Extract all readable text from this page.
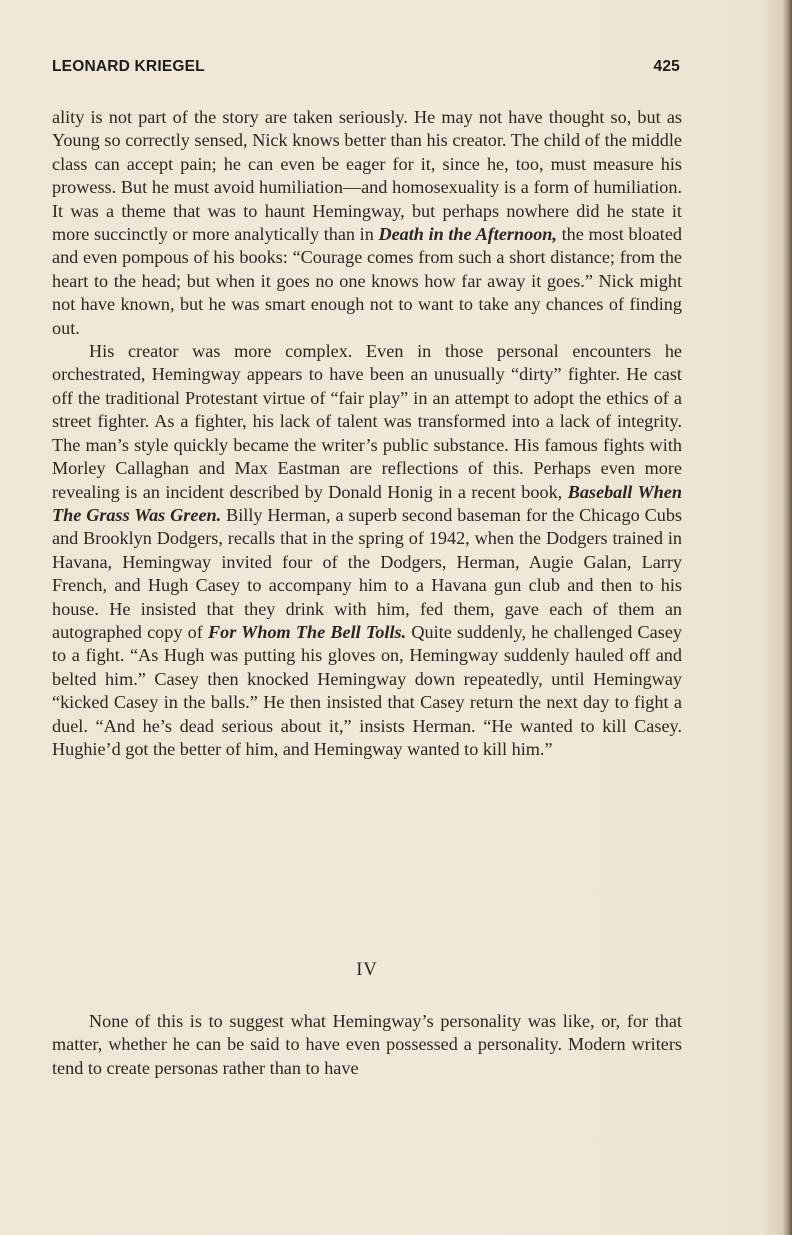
LEONARD KRIEGEL	425

ality is not part of the story are taken seriously. He may not have thought so, but as Young so correctly sensed, Nick knows better than his creator. The child of the middle class can accept pain; he can even be eager for it, since he, too, must measure his prowess. But he must avoid humiliation—and homosexuality is a form of humiliation. It was a theme that was to haunt Hemingway, but perhaps nowhere did he state it more succinctly or more analytically than in Death in the Afternoon, the most bloated and even pompous of his books: “Courage comes from such a short distance; from the heart to the head; but when it goes no one knows how far away it goes.” Nick might not have known, but he was smart enough not to want to take any chances of finding out.

His creator was more complex. Even in those personal encounters he orchestrated, Hemingway appears to have been an unusually “dirty” fighter. He cast off the traditional Protestant virtue of “fair play” in an attempt to adopt the ethics of a street fighter. As a fighter, his lack of talent was transformed into a lack of integrity. The man’s style quickly became the writer’s public substance. His famous fights with Morley Callaghan and Max Eastman are reflections of this. Perhaps even more revealing is an incident described by Donald Honig in a recent book, Baseball When The Grass Was Green. Billy Herman, a superb second baseman for the Chicago Cubs and Brooklyn Dodgers, recalls that in the spring of 1942, when the Dodgers trained in Havana, Hemingway invited four of the Dodgers, Herman, Augie Galan, Larry French, and Hugh Casey to accompany him to a Havana gun club and then to his house. He insisted that they drink with him, fed them, gave each of them an autographed copy of For Whom The Bell Tolls. Quite suddenly, he challenged Casey to a fight. “As Hugh was putting his gloves on, Hemingway suddenly hauled off and belted him.” Casey then knocked Hemingway down repeatedly, until Hemingway “kicked Casey in the balls.” He then insisted that Casey return the next day to fight a duel. “And he’s dead serious about it,” insists Herman. “He wanted to kill Casey. Hughie’d got the better of him, and Hemingway wanted to kill him.”

IV

None of this is to suggest what Hemingway’s personality was like, or, for that matter, whether he can be said to have even possessed a personality. Modern writers tend to create personas rather than to have
